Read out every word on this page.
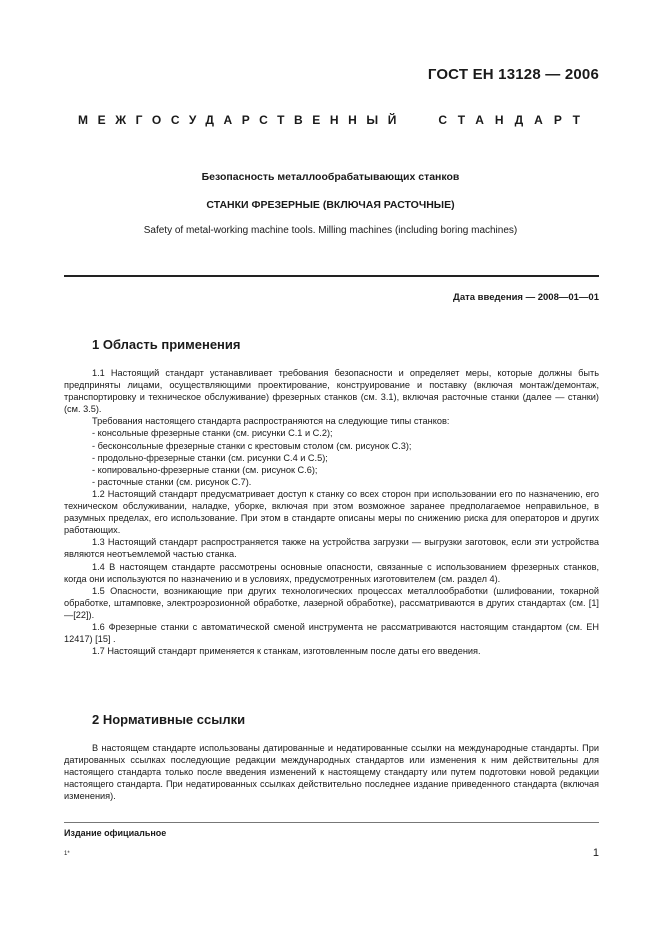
ГОСТ ЕН 13128 — 2006
МЕЖГОСУДАРСТВЕННЫЙ	СТАНДАРТ
Безопасность металлообрабатывающих станков
СТАНКИ ФРЕЗЕРНЫЕ (ВКЛЮЧАЯ РАСТОЧНЫЕ)
Safety of metal-working machine tools. Milling machines (including boring machines)
Дата введения — 2008—01—01
1 Область применения

1.1 Настоящий стандарт устанавливает требования безопасности и определяет меры, которые должны быть предприняты лицами, осуществляющими проектирование, конструирование и поставку (включая монтаж/демонтаж, транспортировку и техническое обслуживание) фрезерных станков (см. 3.1), включая расточные станки (далее — станки) (см. 3.5).

Требования настоящего стандарта распространяются на следующие типы станков:

- консольные фрезерные станки (см. рисунки С.1 и С.2);

- бесконсольные фрезерные станки с крестовым столом (см. рисунок С.3);

- продольно-фрезерные станки (см. рисунки С.4 и С.5);

- копировально-фрезерные станки (см. рисунок С.6);

- расточные станки (см. рисунок С.7).

1.2 Настоящий стандарт предусматривает доступ к станку со всех сторон при использовании его по назначению, его техническом обслуживании, наладке, уборке, включая при этом возможное заранее предполагаемое неправильное, в разумных пределах, его использование. При этом в стандарте описаны меры по снижению риска для операторов и других работающих.

1.3 Настоящий стандарт распространяется также на устройства загрузки — выгрузки заготовок, если эти устройства являются неотъемлемой частью станка.

1.4 В настоящем стандарте рассмотрены основные опасности, связанные с использованием фрезерных станков, когда они используются по назначению и в условиях, предусмотренных изготовителем (см. раздел 4).

1.5 Опасности, возникающие при других технологических процессах металлообработки (шлифовании, токарной обработке, штамповке, электроэрозионной обработке, лазерной обработке), рассматриваются в других стандартах (см. [1]—[22]).

1.6 Фрезерные станки с автоматической сменой инструмента не рассматриваются настоящим стандартом (см. ЕН 12417) [15] .

1.7 Настоящий стандарт применяется к станкам, изготовленным после даты его введения.

2 Нормативные ссылки

В настоящем стандарте использованы датированные и недатированные ссылки на международные стандарты. При датированных ссылках последующие редакции международных стандартов или изменения к ним действительны для настоящего стандарта только после введения изменений к настоящему стандарту или путем подготовки новой редакции настоящего стандарта. При недатированных ссылках действительно последнее издание приведенного стандарта (включая изменения).

Издание официальное
1*	1
